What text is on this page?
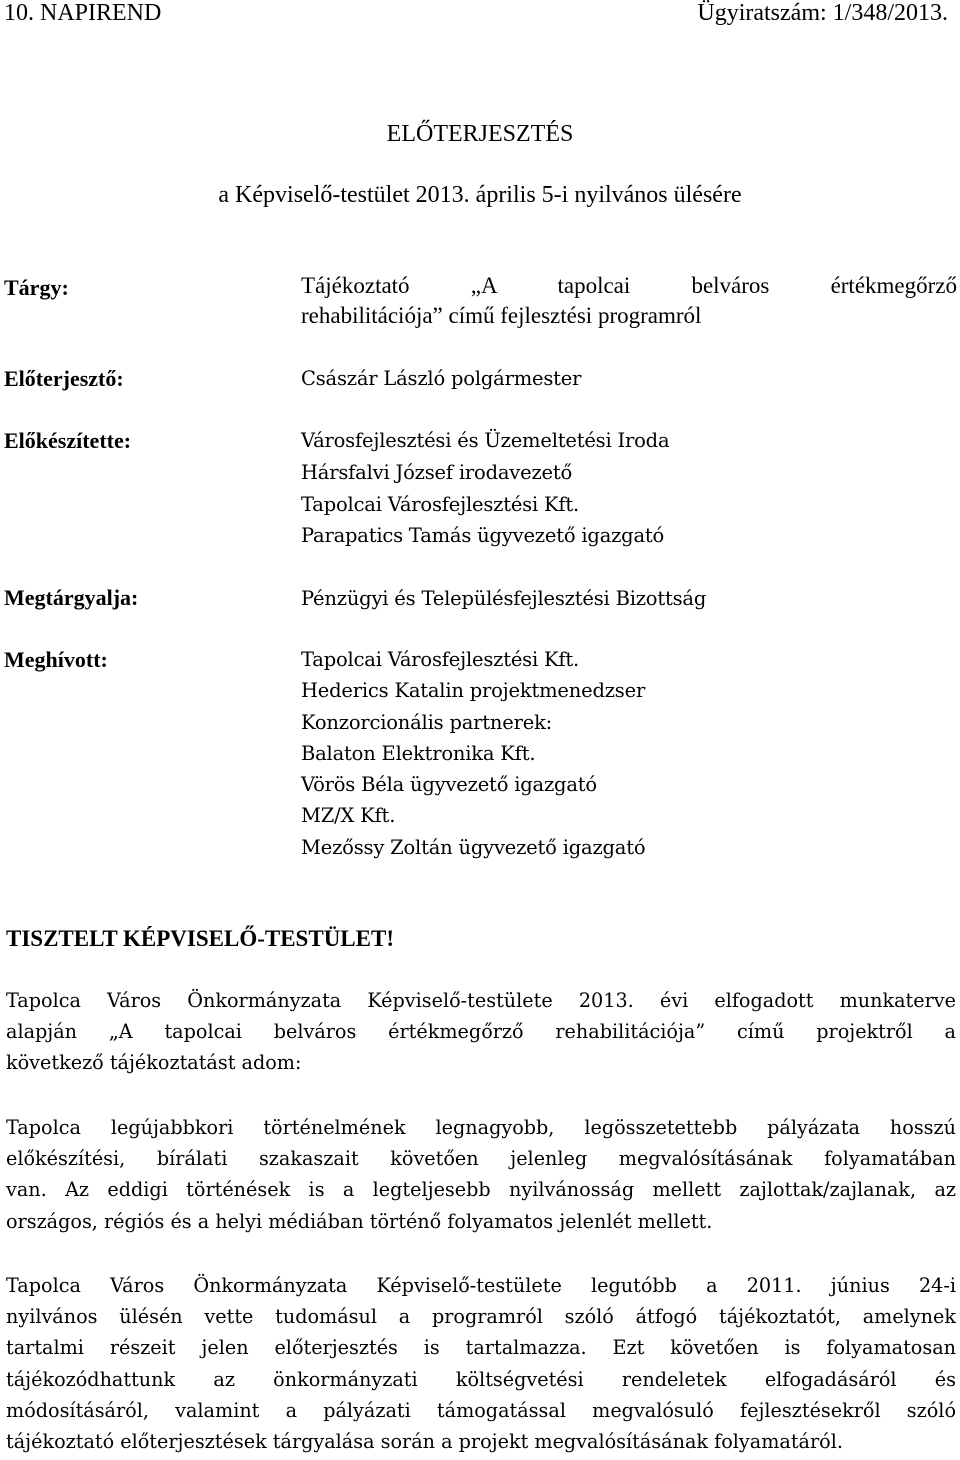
10. NAPIREND	Ügyiratszám: 1/348/2013.
ELŐTERJESZTÉS
a Képviselő-testület 2013. április 5-i nyilvános ülésére
Tárgy:	Tájékoztató „A tapolcai belváros értékmegőrző
rehabilitációja” című fejlesztési programról
Előterjesztő:	Császár László polgármester
Előkészítette:	Városfejlesztési és Üzemeltetési Iroda
Hársfalvi József irodavezető
Tapolcai Városfejlesztési Kft.
Parapatics Tamás ügyvezető igazgató
Megtárgyalja:	Pénzügyi és Településfejlesztési Bizottság
Meghívott:	Tapolcai Városfejlesztési Kft.
Hederics Katalin projektmenedzser
Konzorcionális partnerek:
Balaton Elektronika Kft.
Vörös Béla ügyvezető igazgató
MZ/X Kft.
Mezőssy Zoltán ügyvezető igazgató
TISZTELT KÉPVISELŐ-TESTÜLET!
Tapolca Város Önkormányzata Képviselő-testülete 2013. évi elfogadott munkaterve
alapján „A tapolcai belváros értékmegőrző rehabilitációja” című projektről a
következő tájékoztatást adom:
Tapolca legújabbkori történelmének legnagyobb, legösszetettebb pályázata hosszú
előkészítési, bírálati szakaszait követően jelenleg megvalósításának folyamatában
van. Az eddigi történések is a legteljesebb nyilvánosság mellett zajlottak/zajlanak, az
országos, régiós és a helyi médiában történő folyamatos jelenlét mellett.
Tapolca Város Önkormányzata Képviselő-testülete legutóbb a 2011. június 24-i
nyilvános ülésén vette tudomásul a programról szóló átfogó tájékoztatót, amelynek
tartalmi részeit jelen előterjesztés is tartalmazza. Ezt követően is folyamatosan
tájékozódhattunk az önkormányzati költségvetési rendeletek elfogadásáról és
módosításáról, valamint a pályázati támogatással megvalósuló fejlesztésekről szóló
tájékoztató előterjesztések tárgyalása során a projekt megvalósításának folyamatáról.
